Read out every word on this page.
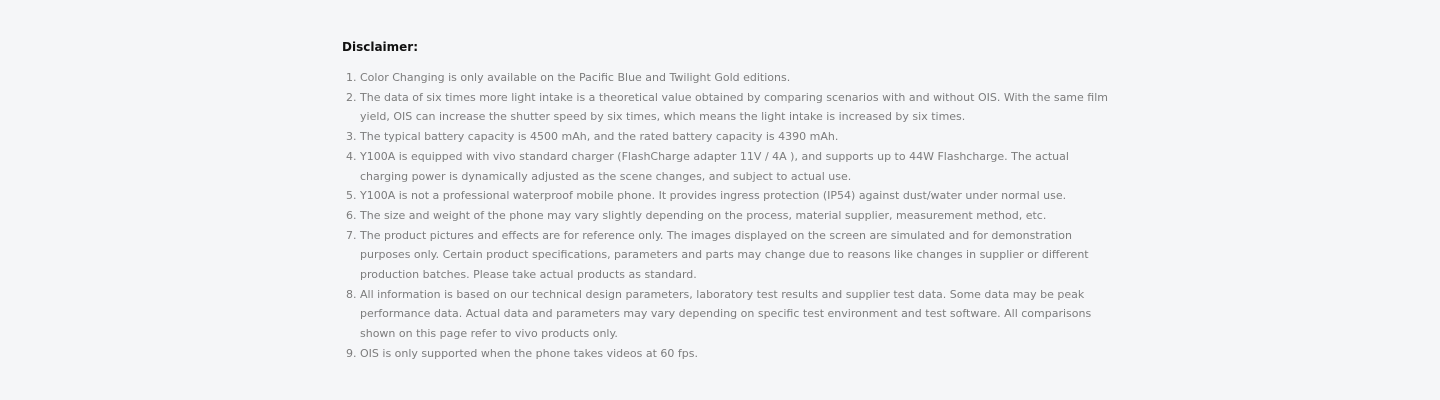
Disclaimer:
1. Color Changing is only available on the Pacific Blue and Twilight Gold editions.
2. The data of six times more light intake is a theoretical value obtained by comparing scenarios with and without OIS. With the same film yield, OIS can increase the shutter speed by six times, which means the light intake is increased by six times.
3. The typical battery capacity is 4500 mAh, and the rated battery capacity is 4390 mAh.
4. Y100A is equipped with vivo standard charger (FlashCharge adapter 11V / 4A ), and supports up to 44W Flashcharge. The actual charging power is dynamically adjusted as the scene changes, and subject to actual use.
5. Y100A is not a professional waterproof mobile phone. It provides ingress protection (IP54) against dust/water under normal use.
6. The size and weight of the phone may vary slightly depending on the process, material supplier, measurement method, etc.
7. The product pictures and effects are for reference only. The images displayed on the screen are simulated and for demonstration purposes only. Certain product specifications, parameters and parts may change due to reasons like changes in supplier or different production batches. Please take actual products as standard.
8. All information is based on our technical design parameters, laboratory test results and supplier test data. Some data may be peak performance data. Actual data and parameters may vary depending on specific test environment and test software. All comparisons shown on this page refer to vivo products only.
9. OIS is only supported when the phone takes videos at 60 fps.
